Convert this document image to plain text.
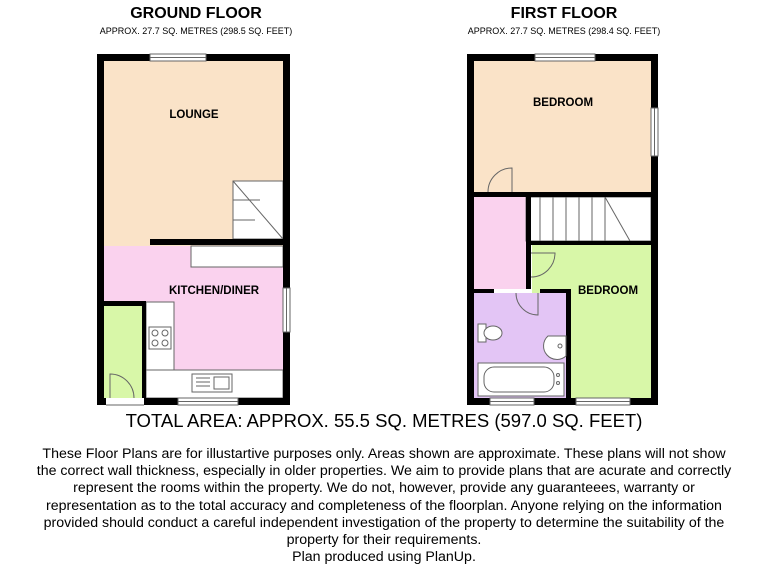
GROUND FLOOR
APPROX. 27.7 SQ. METRES (298.5 SQ. FEET)
FIRST FLOOR
APPROX. 27.7 SQ. METRES (298.4 SQ. FEET)
LOUNGE
KITCHEN/DINER
BEDROOM
BEDROOM
TOTAL AREA: APPROX. 55.5 SQ. METRES (597.0 SQ. FEET)
These Floor Plans are for illustartive purposes only. Areas shown are approximate. These plans will not show
the correct wall thickness, especially in older properties. We aim to provide plans that are acurate and correctly
represent the rooms within the property. We do not, however, provide any guaranteees, warranty or
representation as to the total accuracy and completeness of the floorplan. Anyone relying on the information
provided should conduct a careful independent investigation of the property to determine the suitability of the
property for their requirements.
Plan produced using PlanUp.
